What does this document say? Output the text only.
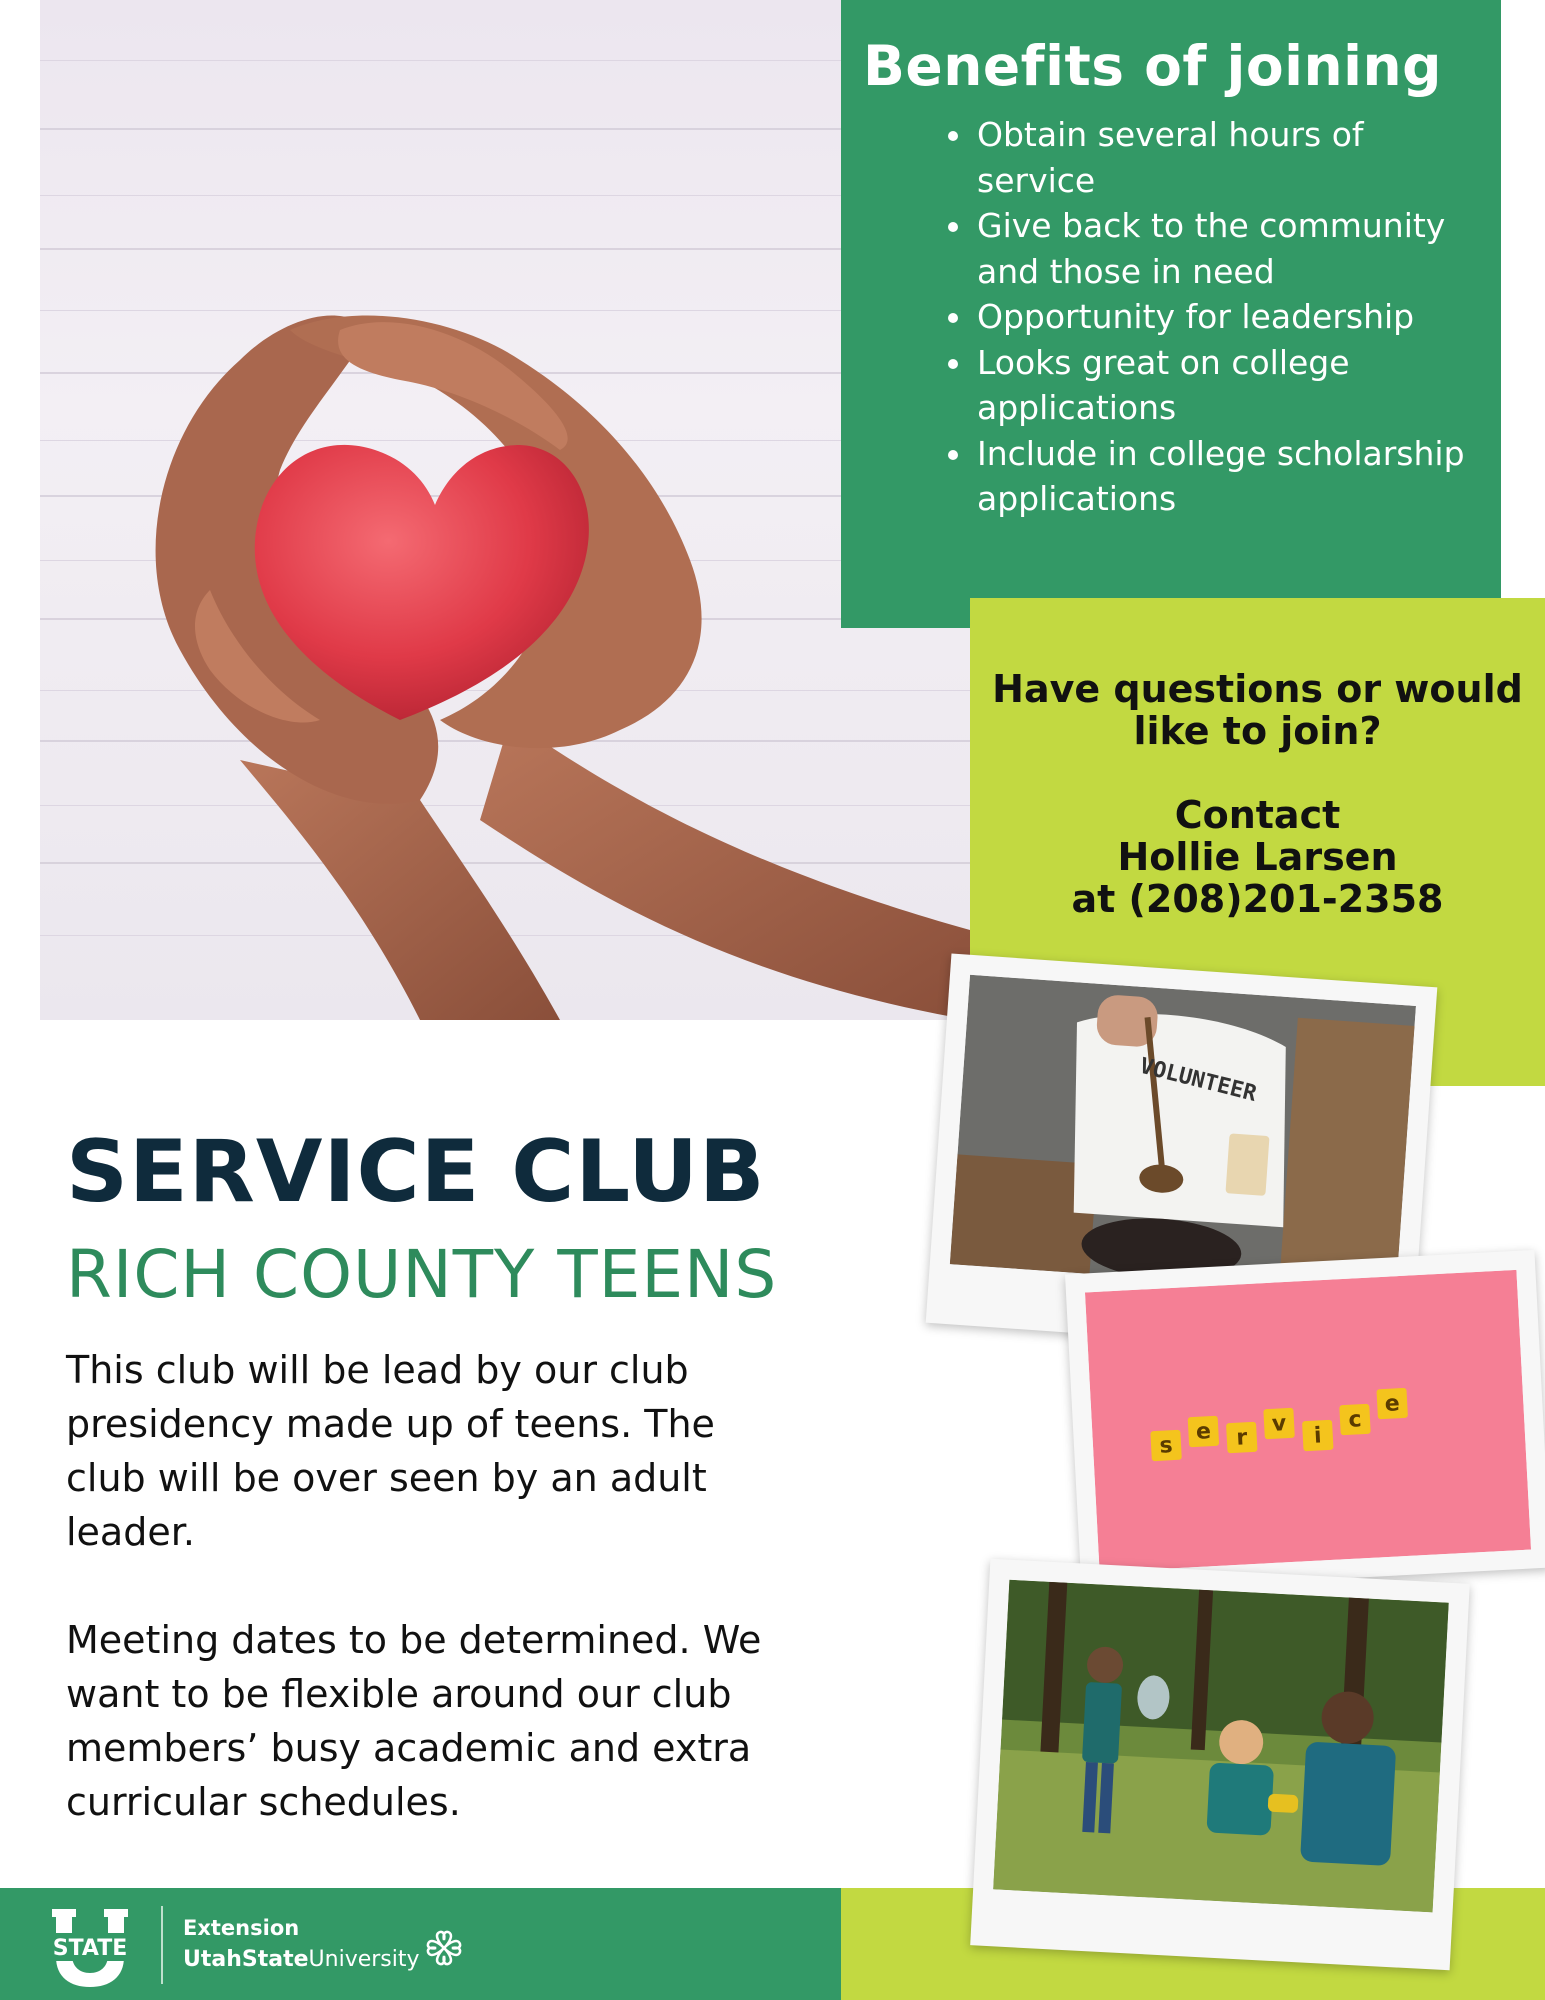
Benefits of joining
• Obtain several hours of service
• Give back to the community and those in need
• Opportunity for leadership
• Looks great on college applications
• Include in college scholarship applications
Have questions or would
like to join?
Contact
Hollie Larsen
at (208)201-2358
VOLUNTEER
s
e r
v i
c
e
SERVICE CLUB
RICH COUNTY TEENS
This club will be lead by our club
presidency made up of teens. The
club will be over seen by an adult
leader.
Meeting dates to be determined. We
want to be flexible around our club
members’ busy academic and extra
curricular schedules.
STATE
Extension
UtahStateUniversity
